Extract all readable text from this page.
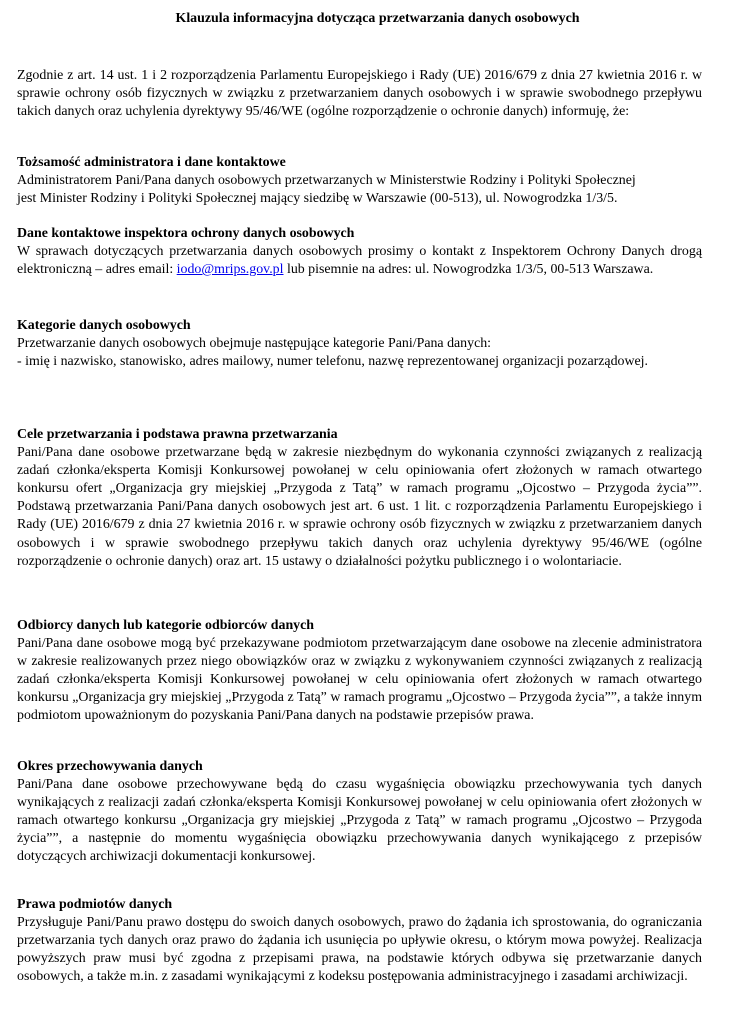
Klauzula informacyjna dotycząca przetwarzania danych osobowych

Zgodnie z art. 14 ust. 1 i 2 rozporządzenia Parlamentu Europejskiego i Rady (UE) 2016/679 z dnia 27 kwietnia 2016 r. w sprawie ochrony osób fizycznych w związku z przetwarzaniem danych osobowych i w sprawie swobodnego przepływu takich danych oraz uchylenia dyrektywy 95/46/WE (ogólne rozporządzenie o ochronie danych) informuję, że:

Tożsamość administratora i dane kontaktowe

Administratorem Pani/Pana danych osobowych przetwarzanych w Ministerstwie Rodziny i Polityki Społecznej
jest Minister Rodziny i Polityki Społecznej mający siedzibę w Warszawie (00-513), ul. Nowogrodzka 1/3/5.

Dane kontaktowe inspektora ochrony danych osobowych

W sprawach dotyczących przetwarzania danych osobowych prosimy o kontakt z Inspektorem Ochrony Danych drogą elektroniczną – adres email: iodo@mrips.gov.pl lub pisemnie na adres: ul. Nowogrodzka 1/3/5, 00-513 Warszawa.

Kategorie danych osobowych

Przetwarzanie danych osobowych obejmuje następujące kategorie Pani/Pana danych:

- imię i nazwisko, stanowisko, adres mailowy, numer telefonu, nazwę reprezentowanej organizacji pozarządowej.

Cele przetwarzania i podstawa prawna przetwarzania

Pani/Pana dane osobowe przetwarzane będą w zakresie niezbędnym do wykonania czynności związanych z realizacją zadań członka/eksperta Komisji Konkursowej powołanej w celu opiniowania ofert złożonych w ramach otwartego konkursu ofert „Organizacja gry miejskiej „Przygoda z Tatą” w ramach programu „Ojcostwo – Przygoda życia””. Podstawą przetwarzania Pani/Pana danych osobowych jest art. 6 ust. 1 lit. c rozporządzenia Parlamentu Europejskiego i Rady (UE) 2016/679 z dnia 27 kwietnia 2016 r. w sprawie ochrony osób fizycznych w związku z przetwarzaniem danych osobowych i w sprawie swobodnego przepływu takich danych oraz uchylenia dyrektywy 95/46/WE (ogólne rozporządzenie o ochronie danych) oraz art. 15 ustawy o działalności pożytku publicznego i o wolontariacie.

Odbiorcy danych lub kategorie odbiorców danych

Pani/Pana dane osobowe mogą być przekazywane podmiotom przetwarzającym dane osobowe na zlecenie administratora w zakresie realizowanych przez niego obowiązków oraz w związku z wykonywaniem czynności związanych z realizacją zadań członka/eksperta Komisji Konkursowej powołanej w celu opiniowania ofert złożonych w ramach otwartego konkursu „Organizacja gry miejskiej „Przygoda z Tatą” w ramach programu „Ojcostwo – Przygoda życia””, a także innym podmiotom upoważnionym do pozyskania Pani/Pana danych na podstawie przepisów prawa.

Okres przechowywania danych

Pani/Pana dane osobowe przechowywane będą do czasu wygaśnięcia obowiązku przechowywania tych danych wynikających z realizacji zadań członka/eksperta Komisji Konkursowej powołanej w celu opiniowania ofert złożonych w ramach otwartego konkursu „Organizacja gry miejskiej „Przygoda z Tatą” w ramach programu „Ojcostwo – Przygoda życia””, a następnie do momentu wygaśnięcia obowiązku przechowywania danych wynikającego z przepisów dotyczących archiwizacji dokumentacji konkursowej.

Prawa podmiotów danych

Przysługuje Pani/Panu prawo dostępu do swoich danych osobowych, prawo do żądania ich sprostowania, do ograniczania przetwarzania tych danych oraz prawo do żądania ich usunięcia po upływie okresu, o którym mowa powyżej. Realizacja powyższych praw musi być zgodna z przepisami prawa, na podstawie których odbywa się przetwarzanie danych osobowych, a także m.in. z zasadami wynikającymi z kodeksu postępowania administracyjnego i zasadami archiwizacji.
